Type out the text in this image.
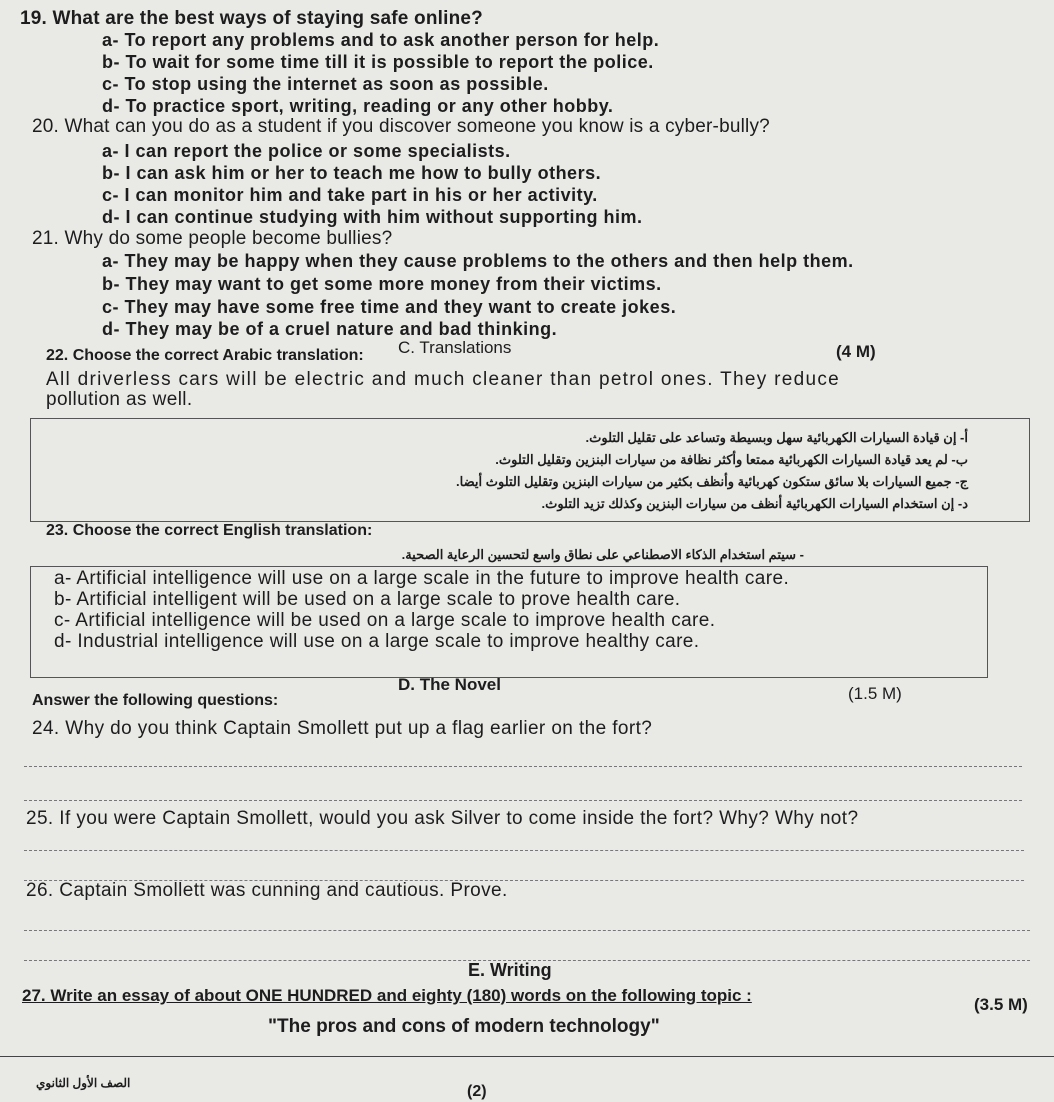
19. What are the best ways of staying safe online?
a- To report any problems and to ask another person for help.
b- To wait for some time till it is possible to report the police.
c- To stop using the internet as soon as possible.
d- To practice sport, writing, reading or any other hobby.
20. What can you do as a student if you discover someone you know is a cyber-bully?
a- I can report the police or some specialists.
b- I can ask him or her to teach me how to bully others.
c- I can monitor him and take part in his or her activity.
d- I can continue studying with him without supporting him.
21. Why do some people become bullies?
a- They may be happy when they cause problems to the others and then help them.
b- They may want to get some more money from their victims.
c- They may have some free time and they want to create jokes.
d- They may be of a cruel nature and bad thinking.
C. Translations	(4 M)
22. Choose the correct Arabic translation:
All driverless cars will be electric and much cleaner than petrol ones. They reduce
pollution as well.
أ- إن قيادة السيارات الكهربائية سهل وبسيطة وتساعد على تقليل التلوث.
ب- لم يعد قيادة السيارات الكهربائية ممتعا وأكثر نظافة من سيارات البنزين وتقليل التلوث.
ج- جميع السيارات بلا سائق ستكون كهربائية وأنظف بكثير من سيارات البنزين وتقليل التلوث أيضا.
د- إن استخدام السيارات الكهربائية أنظف من سيارات البنزين وكذلك تزيد التلوث.
23. Choose the correct English translation:
- سيتم استخدام الذكاء الاصطناعي على نطاق واسع لتحسين الرعاية الصحية.
a- Artificial intelligence will use on a large scale in the future to improve health care.
b- Artificial intelligent will be used on a large scale to prove health care.
c- Artificial intelligence will be used on a large scale to improve health care.
d- Industrial intelligence will use on a large scale to improve healthy care.
D. The Novel
Answer the following questions:	(1.5 M)
24. Why do you think Captain Smollett put up a flag earlier on the fort?
25. If you were Captain Smollett, would you ask Silver to come inside the fort? Why? Why not?
26. Captain Smollett was cunning and cautious. Prove.
E. Writing
27. Write an essay of about ONE HUNDRED and eighty (180) words on the following topic :	(3.5 M)
"The pros and cons of modern technology"
الصف الأول الثانوي	(2)
